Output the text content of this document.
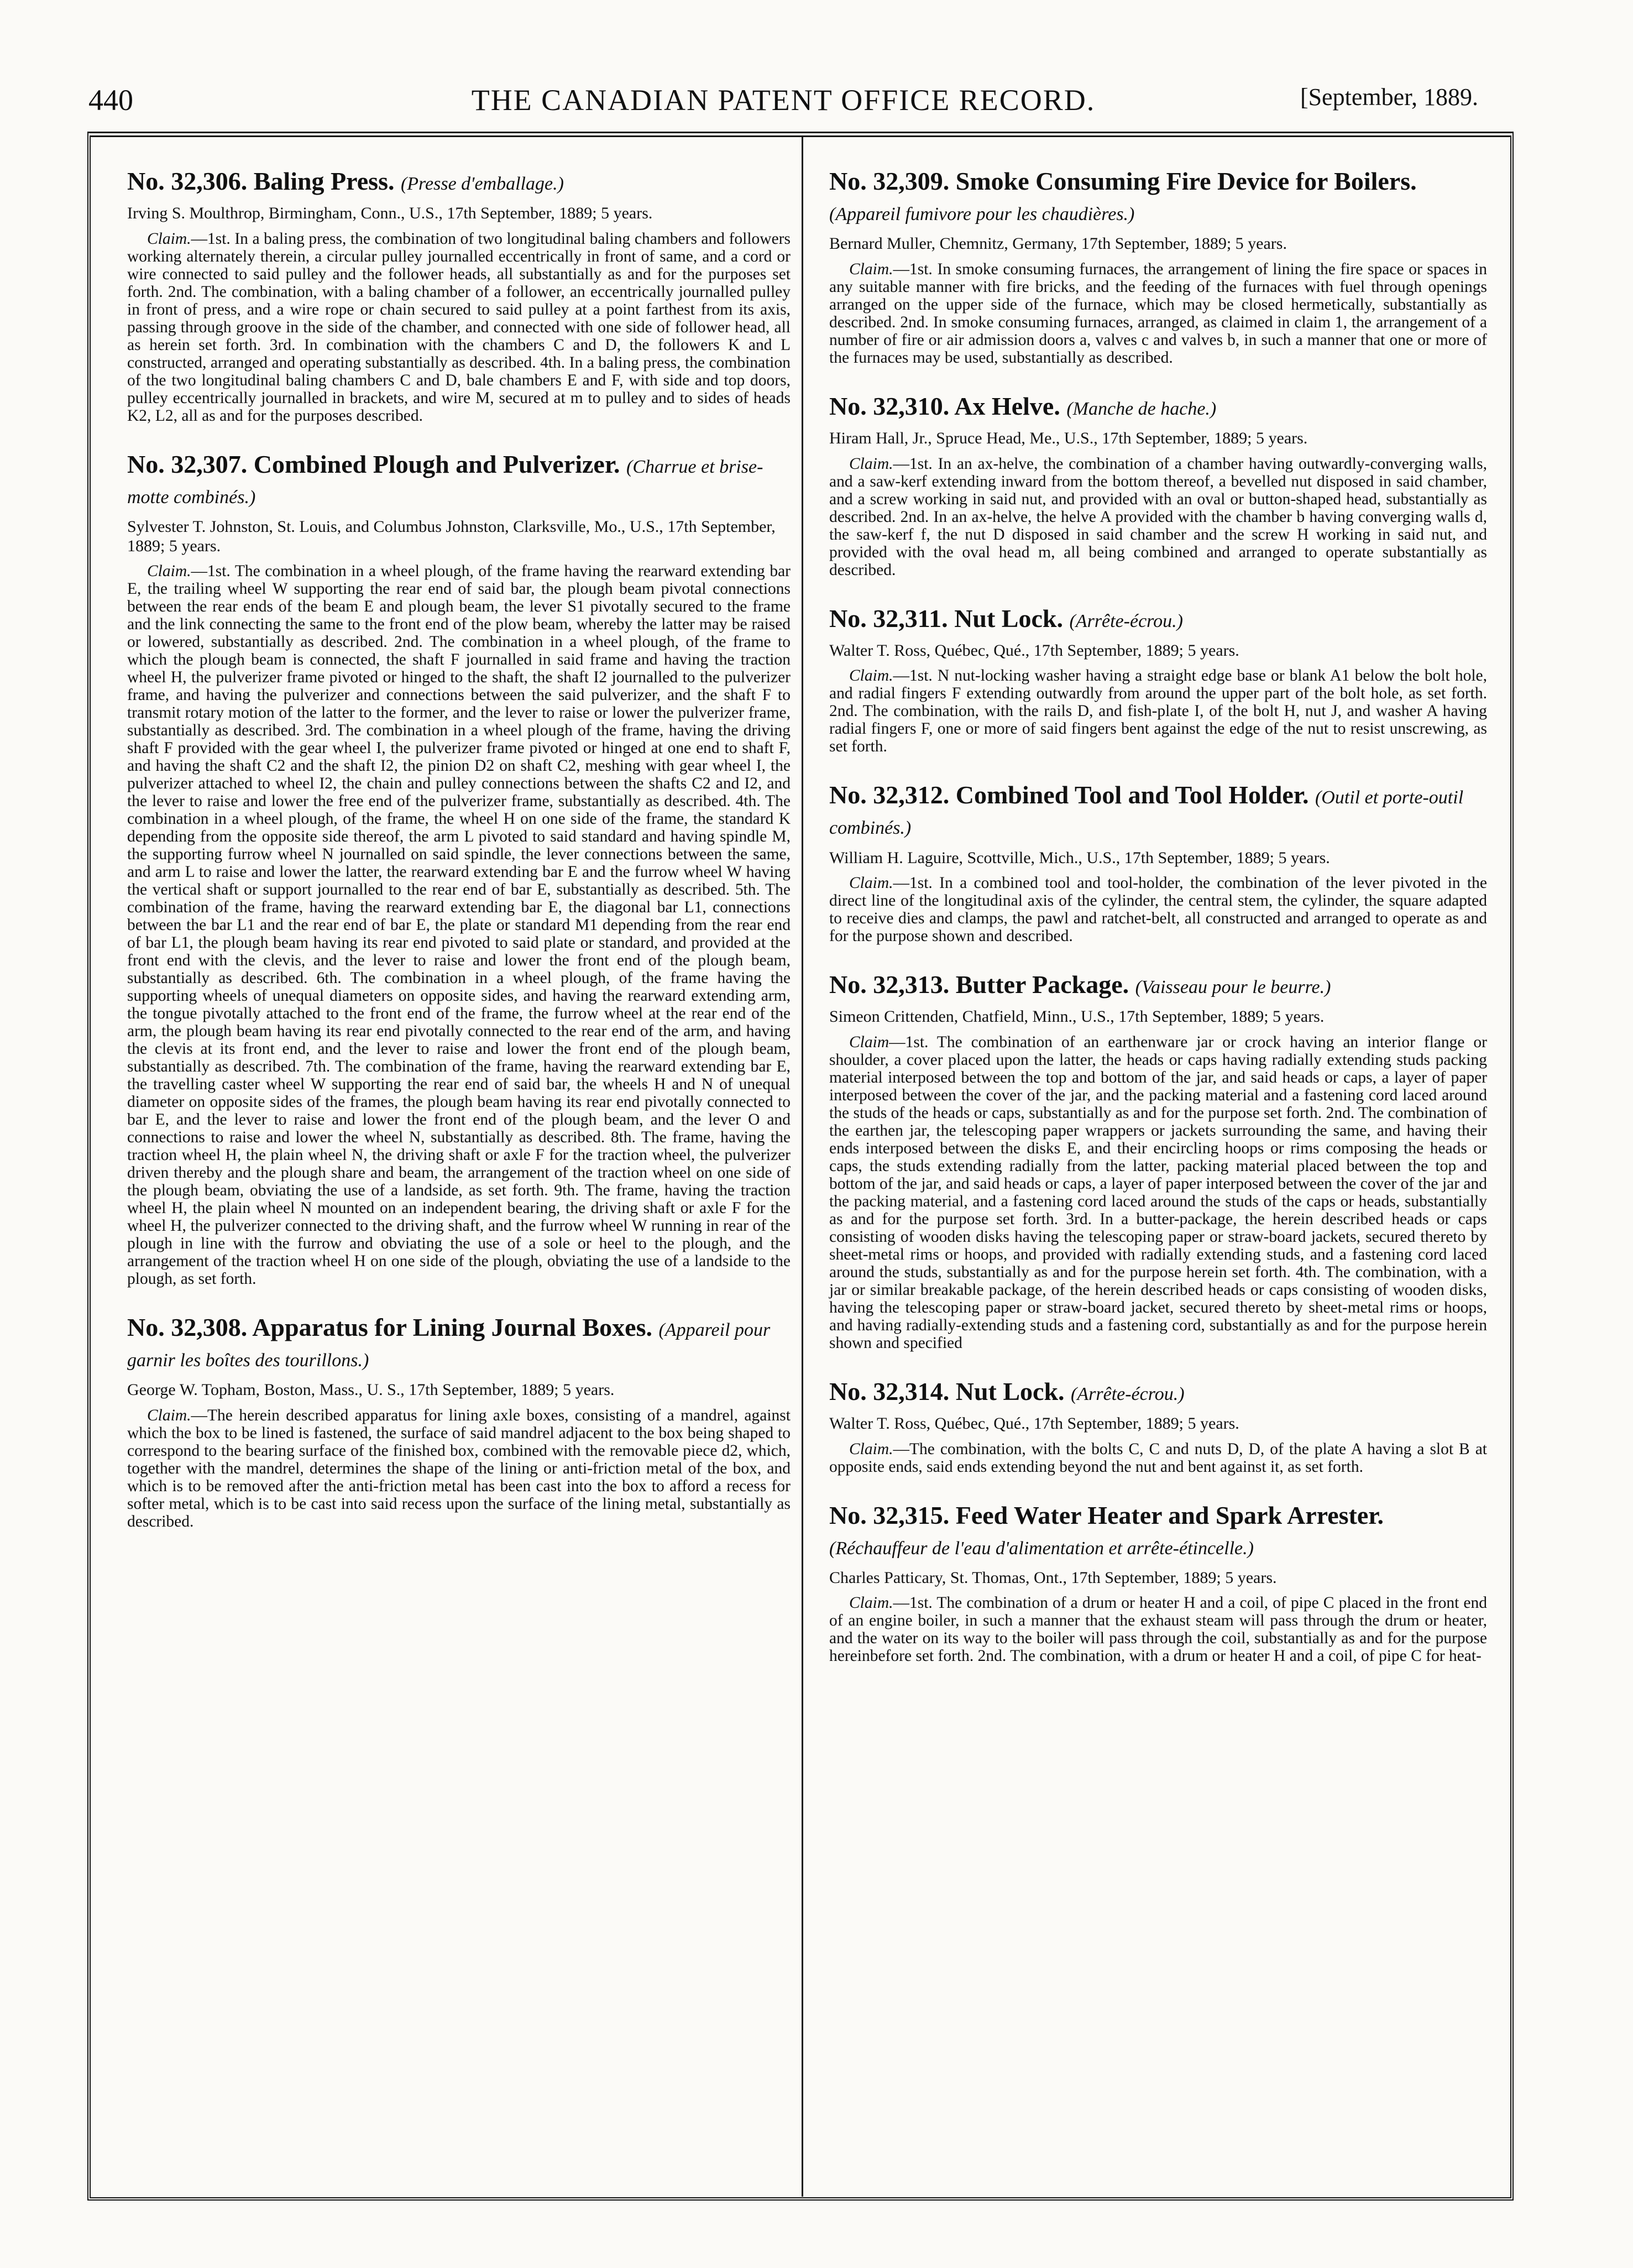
440	THE CANADIAN PATENT OFFICE RECORD.	[September, 1889.
No. 32,306. Baling Press. (Presse d'emballage.)
Irving S. Moulthrop, Birmingham, Conn., U.S., 17th September, 1889; 5 years.

Claim.—1st. In a baling press, the combination of two longitudinal baling chambers and followers working alternately therein, a circular pulley journalled eccentrically in front of same, and a cord or wire connected to said pulley and the follower heads, all substantially as and for the purposes set forth. 2nd. The combination, with a baling chamber of a follower, an eccentrically journalled pulley in front of press, and a wire rope or chain secured to said pulley at a point farthest from its axis, passing through groove in the side of the chamber, and connected with one side of follower head, all as herein set forth. 3rd. In combination with the chambers C and D, the followers K and L constructed, arranged and operating substantially as described. 4th. In a baling press, the combination of the two longitudinal baling chambers C and D, bale chambers E and F, with side and top doors, pulley eccentrically journalled in brackets, and wire M, secured at m to pulley and to sides of heads K2, L2, all as and for the purposes described.

No. 32,307. Combined Plough and Pulverizer. (Charrue et brise-motte combinés.)
Sylvester T. Johnston, St. Louis, and Columbus Johnston, Clarksville, Mo., U.S., 17th September, 1889; 5 years.

Claim.—1st. The combination in a wheel plough, of the frame having the rearward extending bar E, the trailing wheel W supporting the rear end of said bar, the plough beam pivotal connections between the rear ends of the beam E and plough beam, the lever S1 pivotally secured to the frame and the link connecting the same to the front end of the plow beam, whereby the latter may be raised or lowered, substantially as described. 2nd. The combination in a wheel plough, of the frame to which the plough beam is connected, the shaft F journalled in said frame and having the traction wheel H, the pulverizer frame pivoted or hinged to the shaft, the shaft I2 journalled to the pulverizer frame, and having the pulverizer and connections between the said pulverizer, and the shaft F to transmit rotary motion of the latter to the former, and the lever to raise or lower the pulverizer frame, substantially as described. 3rd. The combination in a wheel plough of the frame, having the driving shaft F provided with the gear wheel I, the pulverizer frame pivoted or hinged at one end to shaft F, and having the shaft C2 and the shaft I2, the pinion D2 on shaft C2, meshing with gear wheel I, the pulverizer attached to wheel I2, the chain and pulley connections between the shafts C2 and I2, and the lever to raise and lower the free end of the pulverizer frame, substantially as described. 4th. The combination in a wheel plough, of the frame, the wheel H on one side of the frame, the standard K depending from the opposite side thereof, the arm L pivoted to said standard and having spindle M, the supporting furrow wheel N journalled on said spindle, the lever connections between the same, and arm L to raise and lower the latter, the rearward extending bar E and the furrow wheel W having the vertical shaft or support journalled to the rear end of bar E, substantially as described. 5th. The combination of the frame, having the rearward extending bar E, the diagonal bar L1, connections between the bar L1 and the rear end of bar E, the plate or standard M1 depending from the rear end of bar L1, the plough beam having its rear end pivoted to said plate or standard, and provided at the front end with the clevis, and the lever to raise and lower the front end of the plough beam, substantially as described. 6th. The combination in a wheel plough, of the frame having the supporting wheels of unequal diameters on opposite sides, and having the rearward extending arm, the tongue pivotally attached to the front end of the frame, the furrow wheel at the rear end of the arm, the plough beam having its rear end pivotally connected to the rear end of the arm, and having the clevis at its front end, and the lever to raise and lower the front end of the plough beam, substantially as described. 7th. The combination of the frame, having the rearward extending bar E, the travelling caster wheel W supporting the rear end of said bar, the wheels H and N of unequal diameter on opposite sides of the frames, the plough beam having its rear end pivotally connected to bar E, and the lever to raise and lower the front end of the plough beam, and the lever O and connections to raise and lower the wheel N, substantially as described. 8th. The frame, having the traction wheel H, the plain wheel N, the driving shaft or axle F for the traction wheel, the pulverizer driven thereby and the plough share and beam, the arrangement of the traction wheel on one side of the plough beam, obviating the use of a landside, as set forth. 9th. The frame, having the traction wheel H, the plain wheel N mounted on an independent bearing, the driving shaft or axle F for the wheel H, the pulverizer connected to the driving shaft, and the furrow wheel W running in rear of the plough in line with the furrow and obviating the use of a sole or heel to the plough, and the arrangement of the traction wheel H on one side of the plough, obviating the use of a landside to the plough, as set forth.

No. 32,308. Apparatus for Lining Journal Boxes. (Appareil pour garnir les boîtes des tourillons.)
George W. Topham, Boston, Mass., U. S., 17th September, 1889; 5 years.

Claim.—The herein described apparatus for lining axle boxes, consisting of a mandrel, against which the box to be lined is fastened, the surface of said mandrel adjacent to the box being shaped to correspond to the bearing surface of the finished box, combined with the removable piece d2, which, together with the mandrel, determines the shape of the lining or anti-friction metal of the box, and which is to be removed after the anti-friction metal has been cast into the box to afford a recess for softer metal, which is to be cast into said recess upon the surface of the lining metal, substantially as described.

No. 32,309. Smoke Consuming Fire Device for Boilers. (Appareil fumivore pour les chaudières.)
Bernard Muller, Chemnitz, Germany, 17th September, 1889; 5 years.

Claim.—1st. In smoke consuming furnaces, the arrangement of lining the fire space or spaces in any suitable manner with fire bricks, and the feeding of the furnaces with fuel through openings arranged on the upper side of the furnace, which may be closed hermetically, substantially as described. 2nd. In smoke consuming furnaces, arranged, as claimed in claim 1, the arrangement of a number of fire or air admission doors a, valves c and valves b, in such a manner that one or more of the furnaces may be used, substantially as described.

No. 32,310. Ax Helve. (Manche de hache.)
Hiram Hall, Jr., Spruce Head, Me., U.S., 17th September, 1889; 5 years.

Claim.—1st. In an ax-helve, the combination of a chamber having outwardly-converging walls, and a saw-kerf extending inward from the bottom thereof, a bevelled nut disposed in said chamber, and a screw working in said nut, and provided with an oval or button-shaped head, substantially as described. 2nd. In an ax-helve, the helve A provided with the chamber b having converging walls d, the saw-kerf f, the nut D disposed in said chamber and the screw H working in said nut, and provided with the oval head m, all being combined and arranged to operate substantially as described.

No. 32,311. Nut Lock. (Arrête-écrou.)
Walter T. Ross, Québec, Qué., 17th September, 1889; 5 years.

Claim.—1st. N nut-locking washer having a straight edge base or blank A1 below the bolt hole, and radial fingers F extending outwardly from around the upper part of the bolt hole, as set forth. 2nd. The combination, with the rails D, and fish-plate I, of the bolt H, nut J, and washer A having radial fingers F, one or more of said fingers bent against the edge of the nut to resist unscrewing, as set forth.

No. 32,312. Combined Tool and Tool Holder. (Outil et porte-outil combinés.)
William H. Laguire, Scottville, Mich., U.S., 17th September, 1889; 5 years.

Claim.—1st. In a combined tool and tool-holder, the combination of the lever pivoted in the direct line of the longitudinal axis of the cylinder, the central stem, the cylinder, the square adapted to receive dies and clamps, the pawl and ratchet-belt, all constructed and arranged to operate as and for the purpose shown and described.

No. 32,313. Butter Package. (Vaisseau pour le beurre.)
Simeon Crittenden, Chatfield, Minn., U.S., 17th September, 1889; 5 years.

Claim—1st. The combination of an earthenware jar or crock having an interior flange or shoulder, a cover placed upon the latter, the heads or caps having radially extending studs packing material interposed between the top and bottom of the jar, and said heads or caps, a layer of paper interposed between the cover of the jar, and the packing material and a fastening cord laced around the studs of the heads or caps, substantially as and for the purpose set forth. 2nd. The combination of the earthen jar, the telescoping paper wrappers or jackets surrounding the same, and having their ends interposed between the disks E, and their encircling hoops or rims composing the heads or caps, the studs extending radially from the latter, packing material placed between the top and bottom of the jar, and said heads or caps, a layer of paper interposed between the cover of the jar and the packing material, and a fastening cord laced around the studs of the caps or heads, substantially as and for the purpose set forth. 3rd. In a butter-package, the herein described heads or caps consisting of wooden disks having the telescoping paper or straw-board jackets, secured thereto by sheet-metal rims or hoops, and provided with radially extending studs, and a fastening cord laced around the studs, substantially as and for the purpose herein set forth. 4th. The combination, with a jar or similar breakable package, of the herein described heads or caps consisting of wooden disks, having the telescoping paper or straw-board jacket, secured thereto by sheet-metal rims or hoops, and having radially-extending studs and a fastening cord, substantially as and for the purpose herein shown and specified

No. 32,314. Nut Lock. (Arrête-écrou.)
Walter T. Ross, Québec, Qué., 17th September, 1889; 5 years.

Claim.—The combination, with the bolts C, C and nuts D, D, of the plate A having a slot B at opposite ends, said ends extending beyond the nut and bent against it, as set forth.

No. 32,315. Feed Water Heater and Spark Arrester. (Réchauffeur de l'eau d'alimentation et arrête-étincelle.)
Charles Patticary, St. Thomas, Ont., 17th September, 1889; 5 years.

Claim.—1st. The combination of a drum or heater H and a coil, of pipe C placed in the front end of an engine boiler, in such a manner that the exhaust steam will pass through the drum or heater, and the water on its way to the boiler will pass through the coil, substantially as and for the purpose hereinbefore set forth. 2nd. The combination, with a drum or heater H and a coil, of pipe C for heat-
